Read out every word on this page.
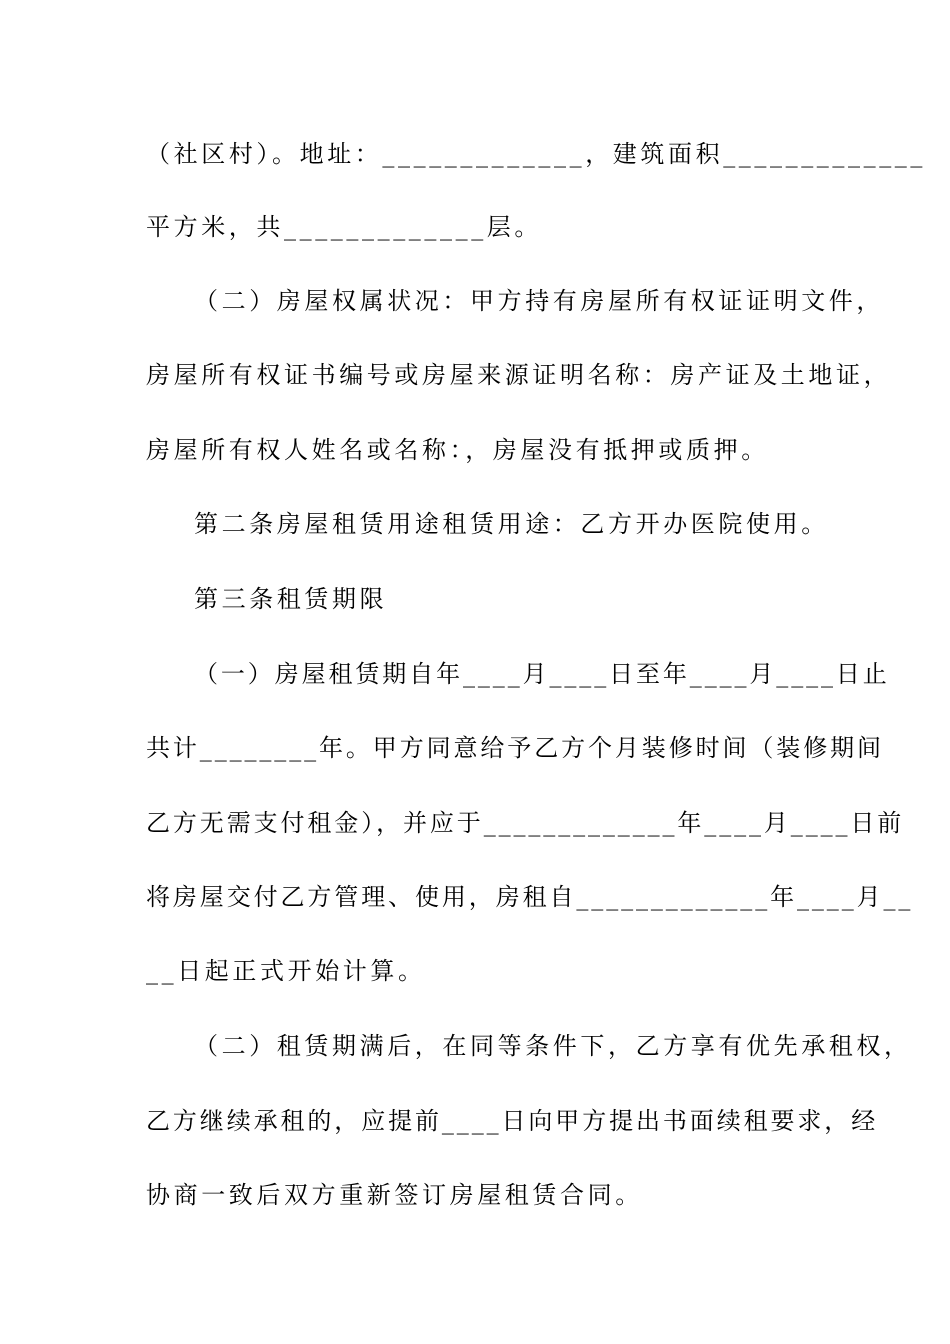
（社区村）。地址：_____________，建筑面积_____________
平方米，共_____________层。
（二）房屋权属状况：甲方持有房屋所有权证证明文件，
房屋所有权证书编号或房屋来源证明名称：房产证及土地证，
房屋所有权人姓名或名称：，房屋没有抵押或质押。
第二条房屋租赁用途租赁用途：乙方开办医院使用。
第三条租赁期限
（一）房屋租赁期自年____月____日至年____月____日止
共计________年。甲方同意给予乙方个月装修时间（装修期间
乙方无需支付租金），并应于_____________年____月____日前
将房屋交付乙方管理、使用，房租自_____________年____月__
__日起正式开始计算。
（二）租赁期满后，在同等条件下，乙方享有优先承租权，
乙方继续承租的，应提前____日向甲方提出书面续租要求，经
协商一致后双方重新签订房屋租赁合同。
